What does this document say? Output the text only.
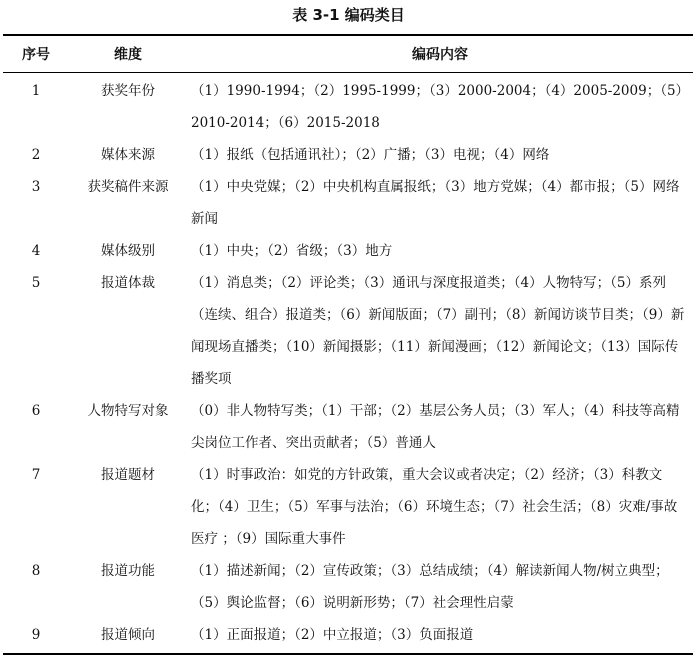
表 3-1 编码类目
序号	维度	编码内容
1	获奖年份	（1）1990-1994；（2）1995-1999；（3）2000-2004；（4）2005-2009；（5）2010-2014；（6）2015-2018
2	媒体来源	（1）报纸（包括通讯社）；（2）广播；（3）电视；（4）网络
3	获奖稿件来源	（1）中央党媒；（2）中央机构直属报纸；（3）地方党媒；（4）都市报；（5）网络新闻
4	媒体级别	（1）中央；（2）省级；（3）地方
5	报道体裁	（1）消息类；（2）评论类；（3）通讯与深度报道类；（4）人物特写；（5）系列（连续、组合）报道类；（6）新闻版面；（7）副刊；（8）新闻访谈节目类；（9）新闻现场直播类；（10）新闻摄影；（11）新闻漫画；（12）新闻论文；（13）国际传播奖项
6	人物特写对象	（0）非人物特写类；（1）干部；（2）基层公务人员；（3）军人；（4）科技等高精尖岗位工作者、突出贡献者；（5）普通人
7	报道题材	（1）时事政治：如党的方针政策，重大会议或者决定；（2）经济；（3）科教文化；（4）卫生；（5）军事与法治；（6）环境生态；（7）社会生活；（8）灾难/事故医疗 ；（9）国际重大事件
8	报道功能	（1）描述新闻；（2）宣传政策；（3）总结成绩；（4）解读新闻人物/树立典型；（5）舆论监督；（6）说明新形势；（7）社会理性启蒙
9	报道倾向	（1）正面报道；（2）中立报道；（3）负面报道
